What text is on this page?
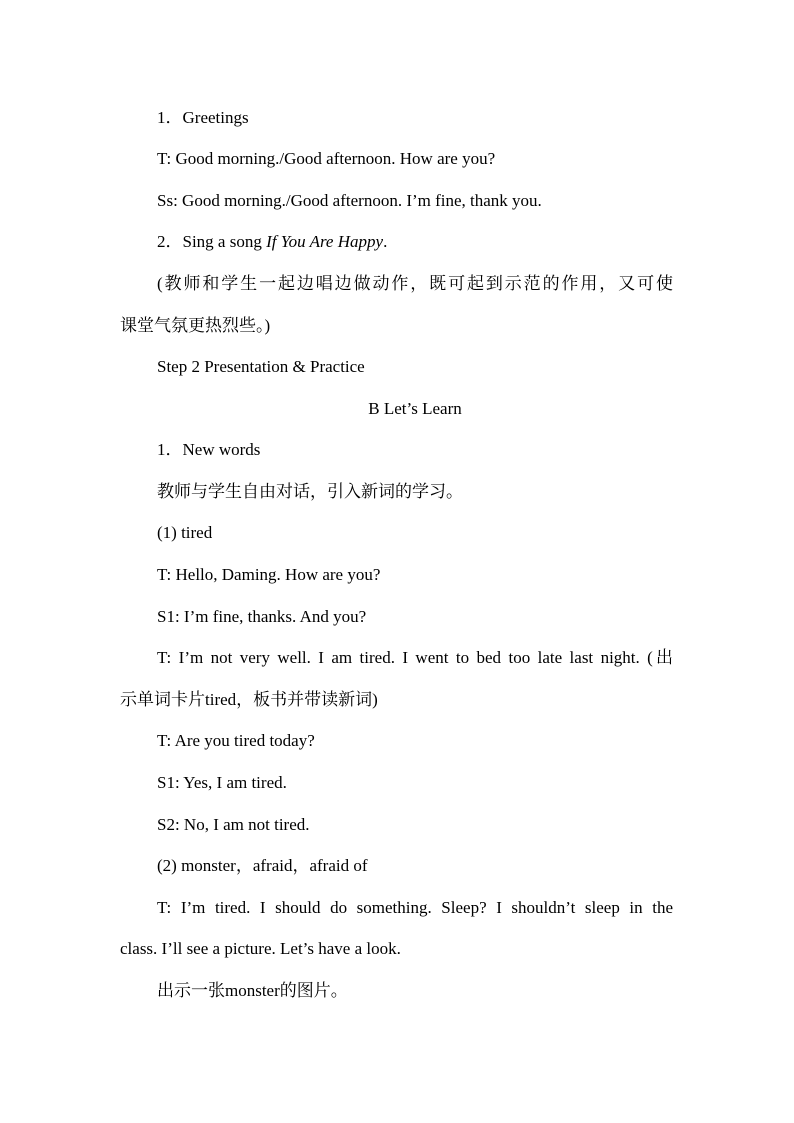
1．Greetings
T: Good morning./Good afternoon. How are you?
Ss: Good morning./Good afternoon. I’m fine, thank you.
2．Sing a song If You Are Happy.
(教师和学生一起边唱边做动作，既可起到示范的作用，又可使
课堂气氛更热烈些。)
Step 2 Presentation & Practice
B Let’s Learn
1．New words
教师与学生自由对话，引入新词的学习。
(1) tired
T: Hello, Daming. How are you?
S1: I’m fine, thanks. And you?
T: I’m not very well. I am tired. I went to bed too late last night. (出
示单词卡片tired，板书并带读新词)
T: Are you tired today?
S1: Yes, I am tired.
S2: No, I am not tired.
(2) monster，afraid，afraid of
T: I’m tired. I should do something. Sleep? I shouldn’t sleep in the
class. I’ll see a picture. Let’s have a look.
出示一张monster的图片。
